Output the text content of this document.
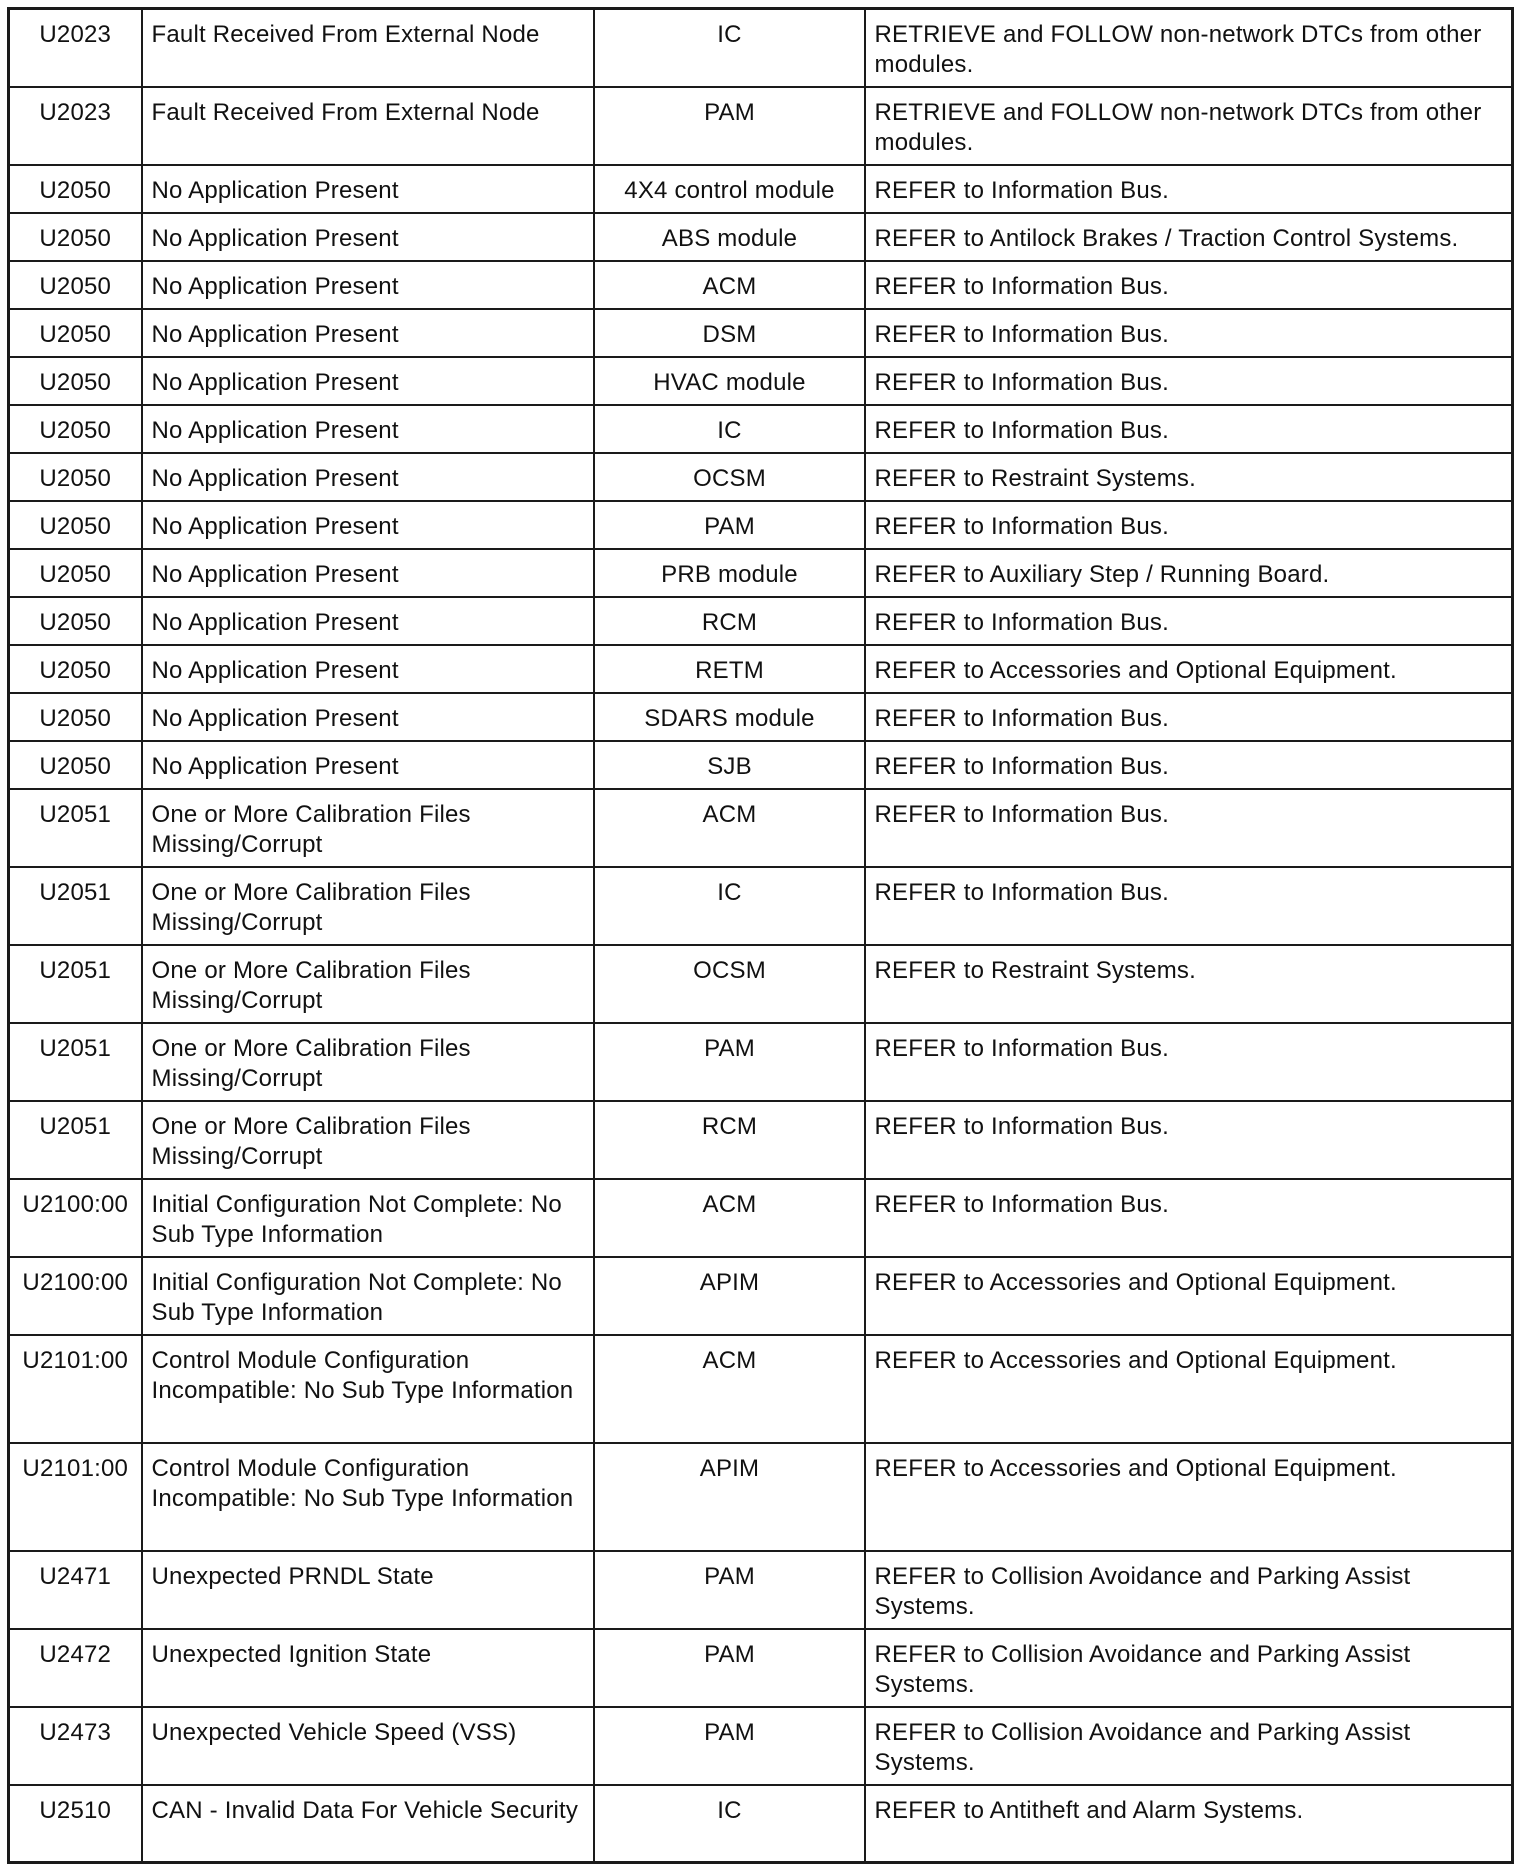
U2023	Fault Received From External Node	IC	RETRIEVE and FOLLOW non-network DTCs from other modules.
U2023	Fault Received From External Node	PAM	RETRIEVE and FOLLOW non-network DTCs from other modules.
U2050	No Application Present	4X4 control module	REFER to Information Bus.
U2050	No Application Present	ABS module	REFER to Antilock Brakes / Traction Control Systems.
U2050	No Application Present	ACM	REFER to Information Bus.
U2050	No Application Present	DSM	REFER to Information Bus.
U2050	No Application Present	HVAC module	REFER to Information Bus.
U2050	No Application Present	IC	REFER to Information Bus.
U2050	No Application Present	OCSM	REFER to Restraint Systems.
U2050	No Application Present	PAM	REFER to Information Bus.
U2050	No Application Present	PRB module	REFER to Auxiliary Step / Running Board.
U2050	No Application Present	RCM	REFER to Information Bus.
U2050	No Application Present	RETM	REFER to Accessories and Optional Equipment.
U2050	No Application Present	SDARS module	REFER to Information Bus.
U2050	No Application Present	SJB	REFER to Information Bus.
U2051	One or More Calibration Files Missing/Corrupt	ACM	REFER to Information Bus.
U2051	One or More Calibration Files Missing/Corrupt	IC	REFER to Information Bus.
U2051	One or More Calibration Files Missing/Corrupt	OCSM	REFER to Restraint Systems.
U2051	One or More Calibration Files Missing/Corrupt	PAM	REFER to Information Bus.
U2051	One or More Calibration Files Missing/Corrupt	RCM	REFER to Information Bus.
U2100:00	Initial Configuration Not Complete: No Sub Type Information	ACM	REFER to Information Bus.
U2100:00	Initial Configuration Not Complete: No Sub Type Information	APIM	REFER to Accessories and Optional Equipment.
U2101:00	Control Module Configuration Incompatible: No Sub Type Information	ACM	REFER to Accessories and Optional Equipment.
U2101:00	Control Module Configuration Incompatible: No Sub Type Information	APIM	REFER to Accessories and Optional Equipment.
U2471	Unexpected PRNDL State	PAM	REFER to Collision Avoidance and Parking Assist Systems.
U2472	Unexpected Ignition State	PAM	REFER to Collision Avoidance and Parking Assist Systems.
U2473	Unexpected Vehicle Speed (VSS)	PAM	REFER to Collision Avoidance and Parking Assist Systems.
U2510	CAN - Invalid Data For Vehicle Security	IC	REFER to Antitheft and Alarm Systems.
